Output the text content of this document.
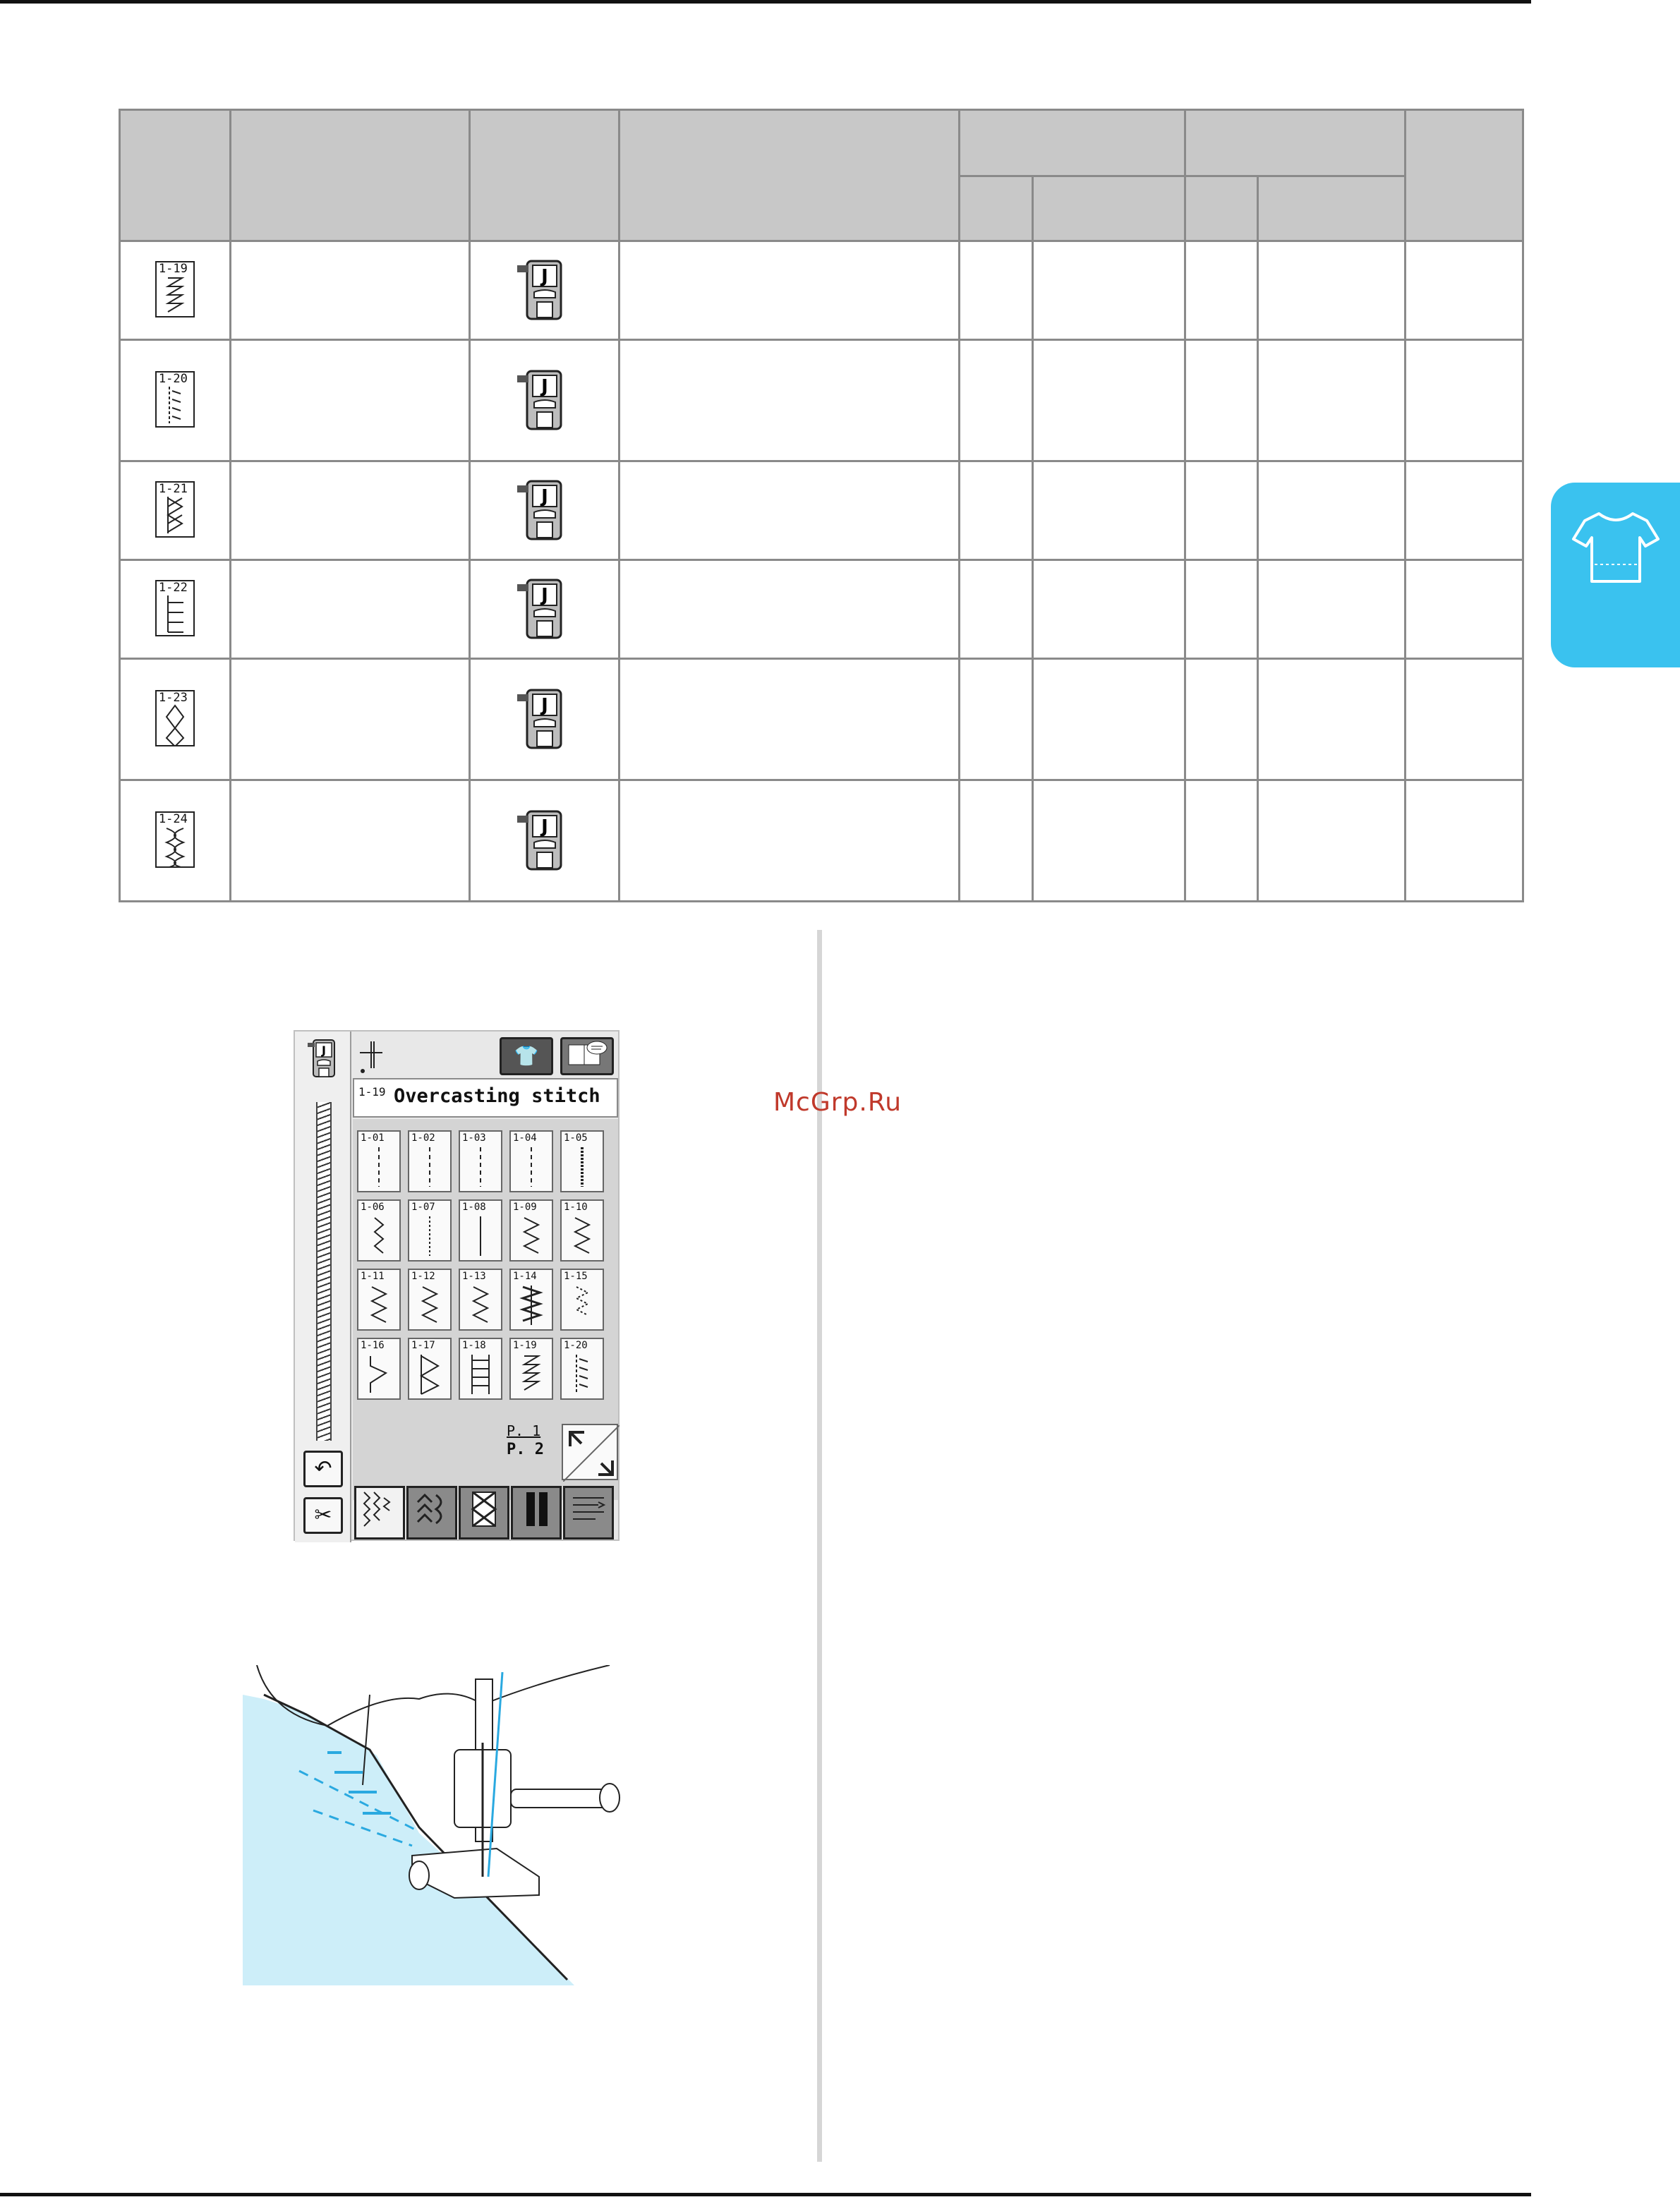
1-19		J						

1-20		J						

1-21		J						

1-22		J						

1-23		J						

1-24		J						

McGrp.Ru
J
↶
✂
👕
1-19 Overcasting stitch
P. 1
P. 2
1-01	1-02	1-03	1-04	1-05
1-06	1-07	1-08	1-09	1-10
1-11	1-12	1-13	1-14	1-15
1-16	1-17	1-18	1-19	1-20
